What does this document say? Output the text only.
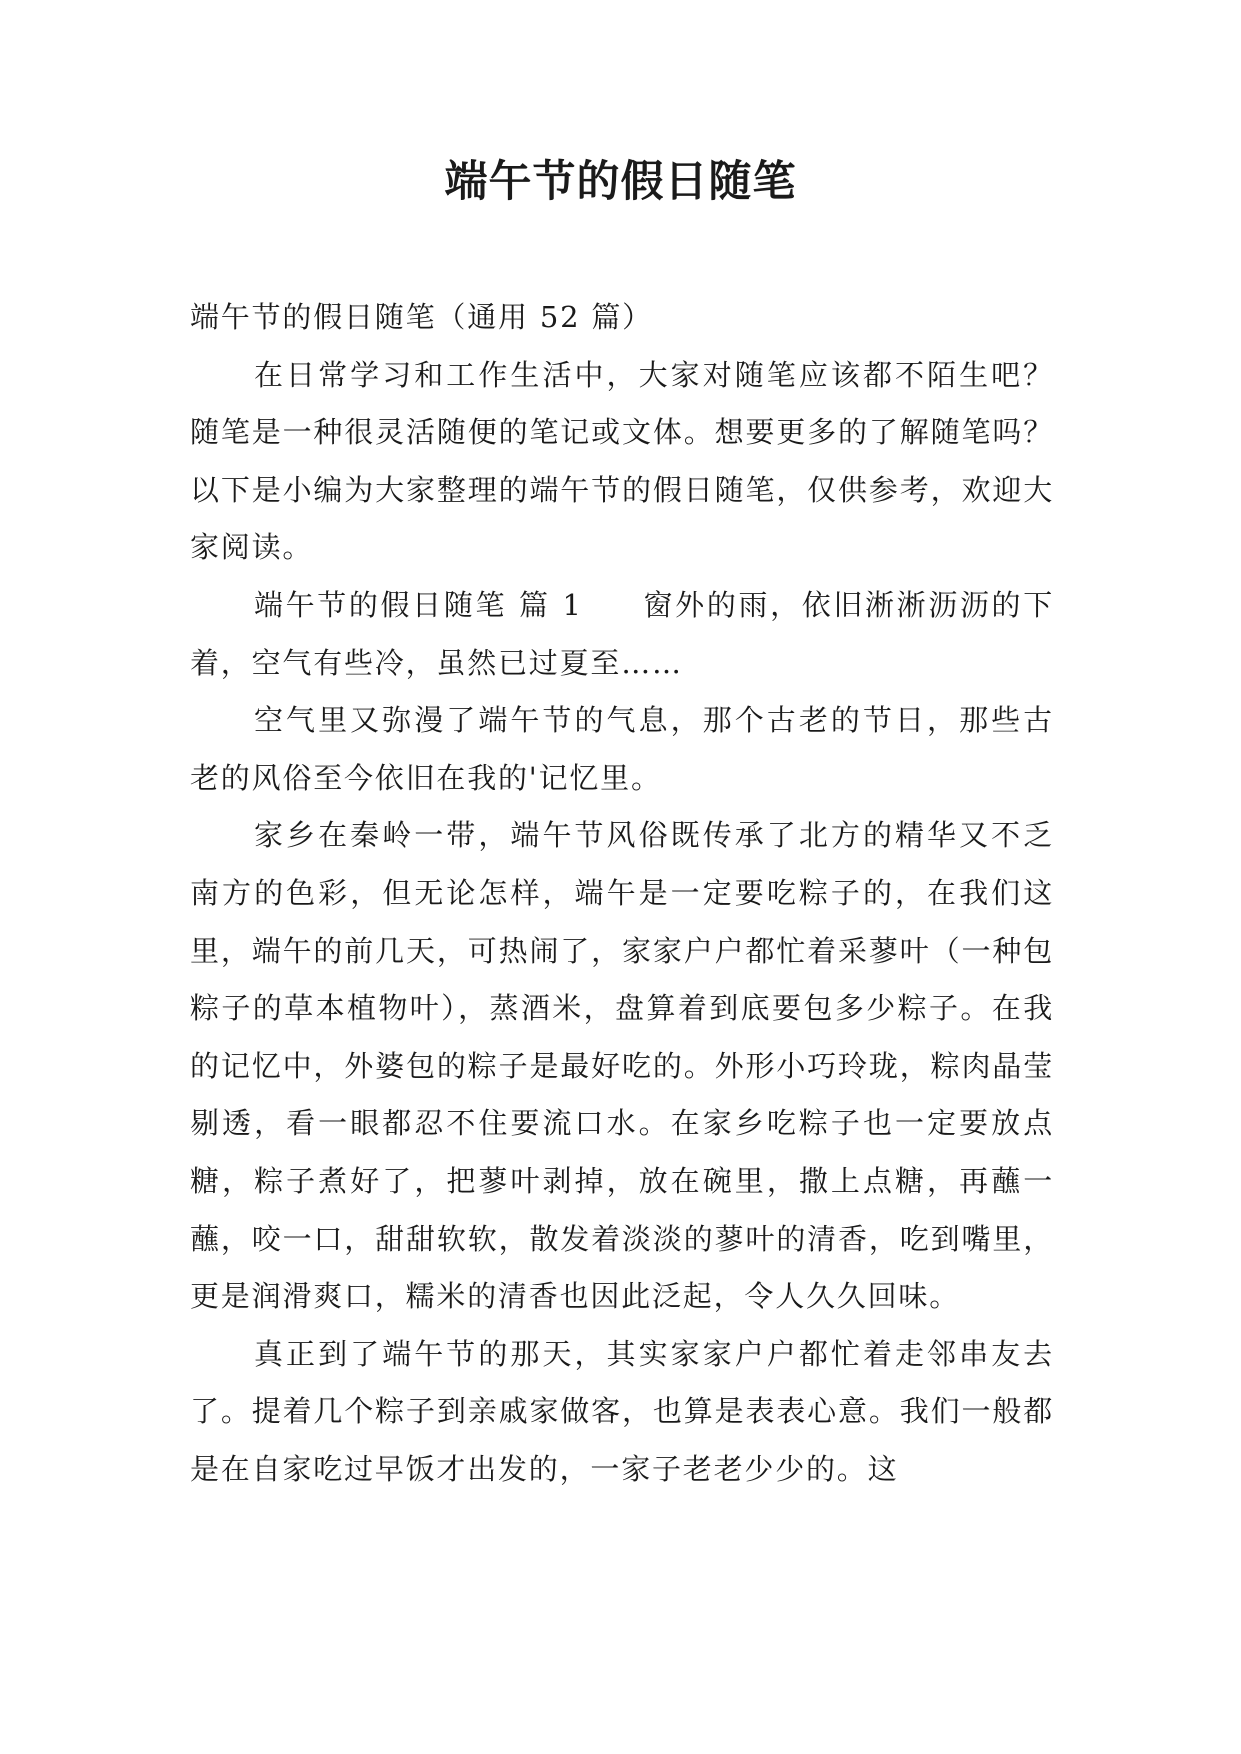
端午节的假日随笔

端午节的假日随笔（通用 52 篇）

在日常学习和工作生活中，大家对随笔应该都不陌生吧？随笔是一种很灵活随便的笔记或文体。想要更多的了解随笔吗？以下是小编为大家整理的端午节的假日随笔，仅供参考，欢迎大家阅读。

端午节的假日随笔 篇 1 窗外的雨，依旧淅淅沥沥的下着，空气有些冷，虽然已过夏至……

空气里又弥漫了端午节的气息，那个古老的节日，那些古老的风俗至今依旧在我的'记忆里。

家乡在秦岭一带，端午节风俗既传承了北方的精华又不乏南方的色彩，但无论怎样，端午是一定要吃粽子的，在我们这里，端午的前几天，可热闹了，家家户户都忙着采蓼叶（一种包粽子的草本植物叶），蒸酒米，盘算着到底要包多少粽子。在我的记忆中，外婆包的粽子是最好吃的。外形小巧玲珑，粽肉晶莹剔透，看一眼都忍不住要流口水。在家乡吃粽子也一定要放点糖，粽子煮好了，把蓼叶剥掉，放在碗里，撒上点糖，再蘸一蘸，咬一口，甜甜软软，散发着淡淡的蓼叶的清香，吃到嘴里，更是润滑爽口，糯米的清香也因此泛起，令人久久回味。

真正到了端午节的那天，其实家家户户都忙着走邻串友去了。提着几个粽子到亲戚家做客，也算是表表心意。我们一般都是在自家吃过早饭才出发的，一家子老老少少的。这
